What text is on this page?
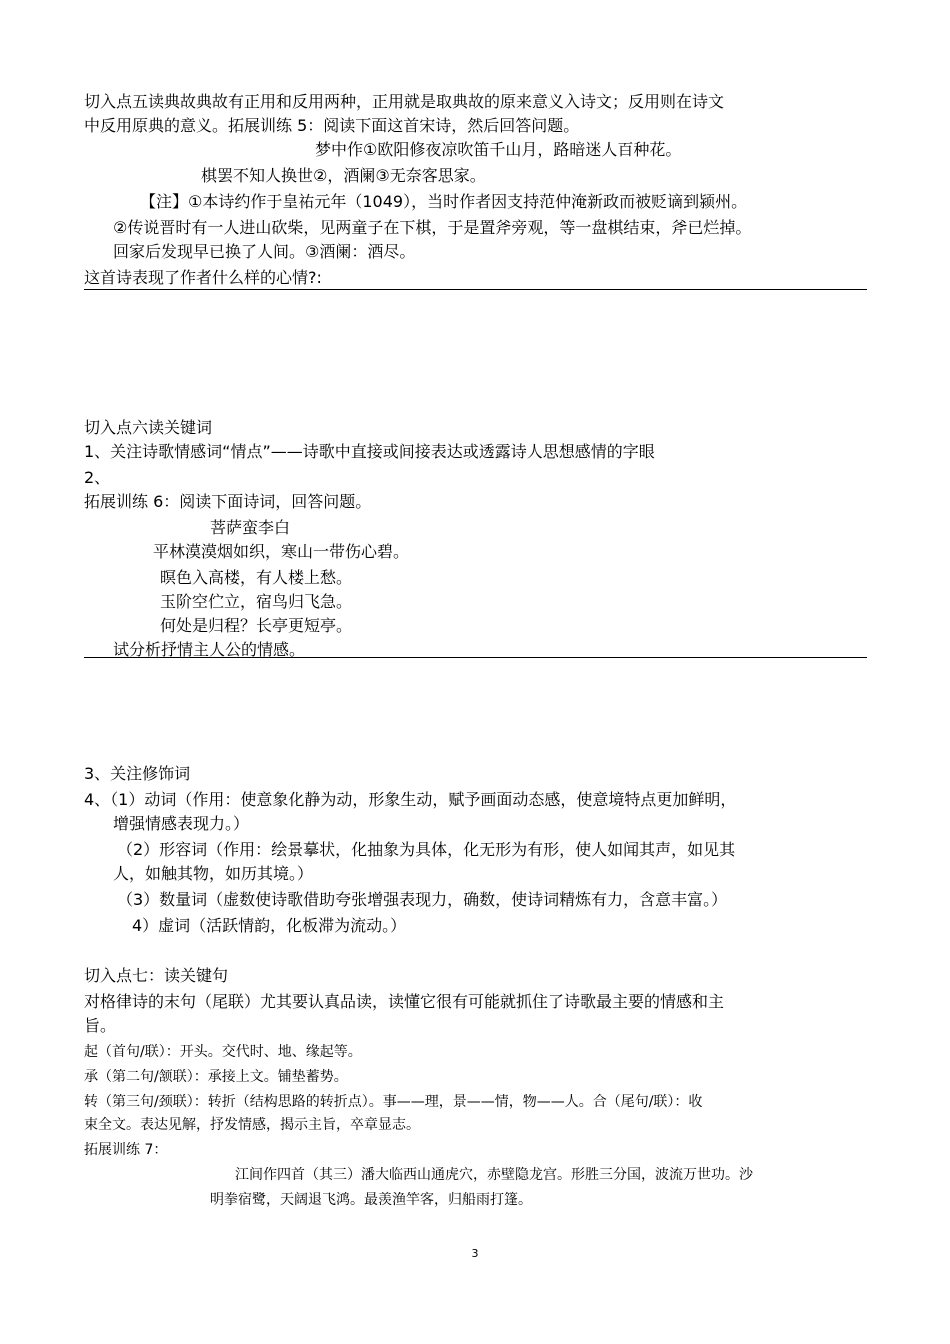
切入点五读典故典故有正用和反用两种，正用就是取典故的原来意义入诗文；反用则在诗文
中反用原典的意义。拓展训练 5：阅读下面这首宋诗，然后回答问题。
梦中作①欧阳修夜凉吹笛千山月，路暗迷人百种花。
棋罢不知人换世②，酒阑③无奈客思家。
【注】①本诗约作于皇祐元年（1049），当时作者因支持范仲淹新政而被贬谪到颍州。
②传说晋时有一人进山砍柴，见两童子在下棋，于是置斧旁观，等一盘棋结束，斧已烂掉。
回家后发现早已换了人间。③酒阑：酒尽。
这首诗表现了作者什么样的心情?:
切入点六读关键词
1、关注诗歌情感词“情点”——诗歌中直接或间接表达或透露诗人思想感情的字眼
2、
拓展训练 6：阅读下面诗词，回答问题。
菩萨蛮李白
平林漠漠烟如织，寒山一带伤心碧。
暝色入高楼，有人楼上愁。
玉阶空伫立，宿鸟归飞急。
何处是归程？长亭更短亭。
试分析抒情主人公的情感。
3、关注修饰词
4、（1）动词（作用：使意象化静为动，形象生动，赋予画面动态感，使意境特点更加鲜明，
增强情感表现力。）
（2）形容词（作用：绘景摹状，化抽象为具体，化无形为有形，使人如闻其声，如见其
人，如触其物，如历其境。）
（3）数量词（虚数使诗歌借助夸张增强表现力，确数，使诗词精炼有力，含意丰富。）
4）虚词（活跃情韵，化板滞为流动。）
切入点七：读关键句
对格律诗的末句（尾联）尤其要认真品读，读懂它很有可能就抓住了诗歌最主要的情感和主
旨。
起（首句/联）：开头。交代时、地、缘起等。
承（第二句/颔联）：承接上文。铺垫蓄势。
转（第三句/颈联）：转折（结构思路的转折点）。事——理，景——情，物——人。合（尾句/联）：收
束全文。表达见解，抒发情感，揭示主旨，卒章显志。
拓展训练 7：
江间作四首（其三）潘大临西山通虎穴，赤壁隐龙宫。形胜三分国，波流万世功。沙
明拳宿鹭，天阔退飞鸿。最羡渔竿客，归船雨打篷。
3
